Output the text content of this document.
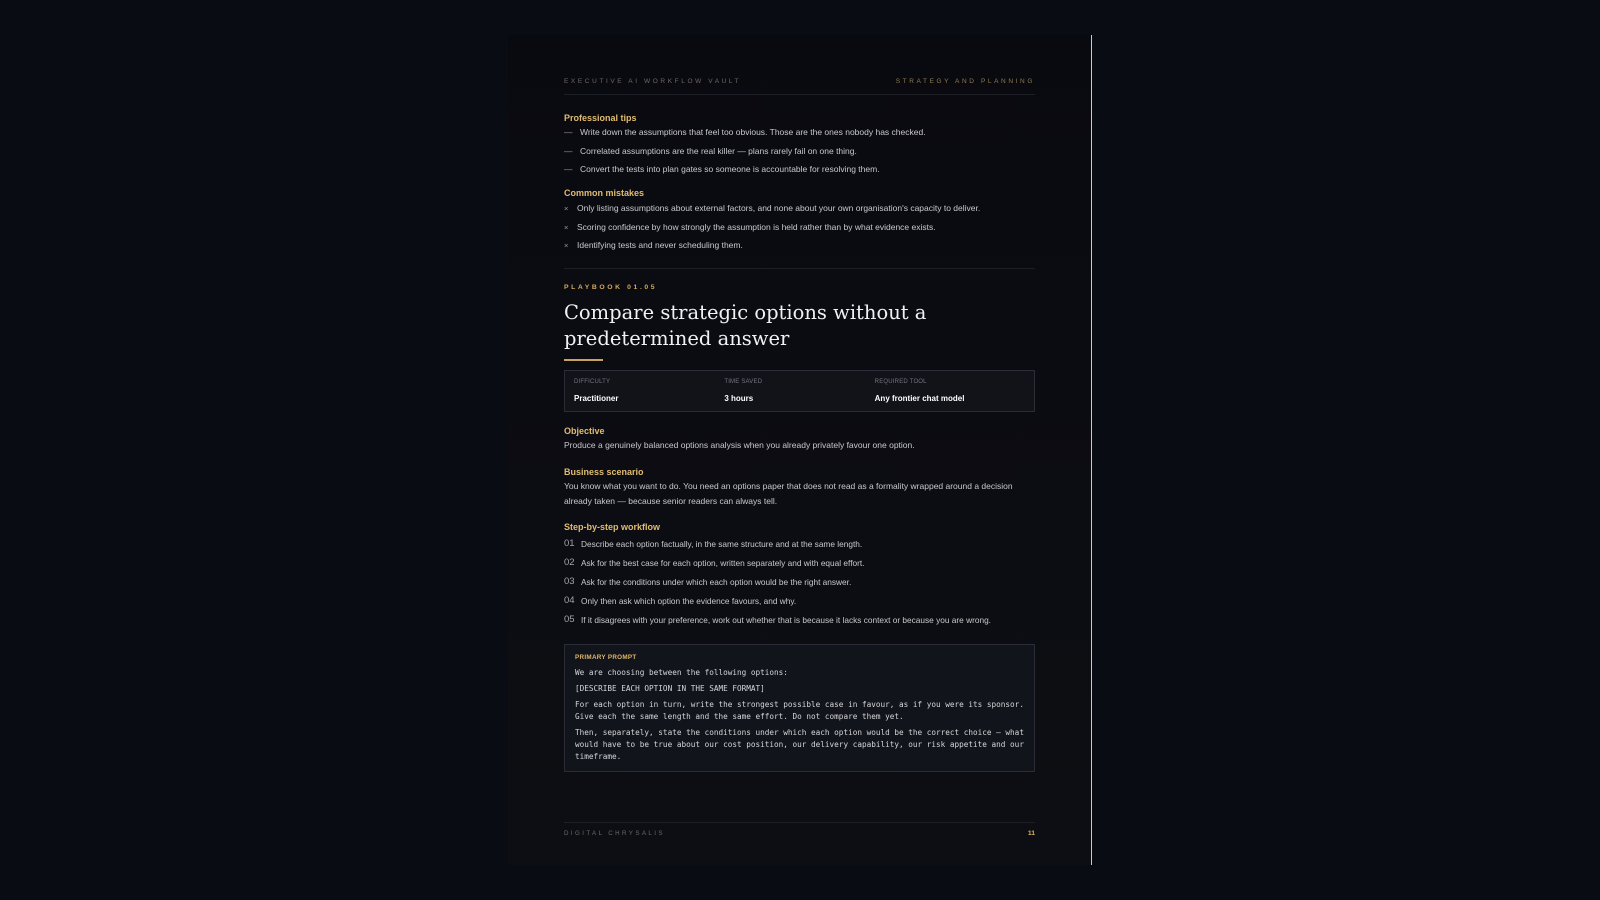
EXECUTIVE AI WORKFLOW VAULT	STRATEGY AND PLANNING
Professional tips
— Write down the assumptions that feel too obvious. Those are the ones nobody has checked.
— Correlated assumptions are the real killer — plans rarely fail on one thing.
— Convert the tests into plan gates so someone is accountable for resolving them.
Common mistakes
×	Only listing assumptions about external factors, and none about your own organisation's capacity to deliver.
×	Scoring confidence by how strongly the assumption is held rather than by what evidence exists.
×	Identifying tests and never scheduling them.
PLAYBOOK 01.05
Compare strategic options without a predetermined answer
DIFFICULTY
Practitioner
TIME SAVED
3 hours
REQUIRED TOOL
Any frontier chat model
Objective

Produce a genuinely balanced options analysis when you already privately favour one option.

Business scenario

You know what you want to do. You need an options paper that does not read as a formality wrapped around a decision already taken — because senior readers can always tell.

Step-by-step workflow
01 Describe each option factually, in the same structure and at the same length.
02 Ask for the best case for each option, written separately and with equal effort.
03 Ask for the conditions under which each option would be the right answer.
04 Only then ask which option the evidence favours, and why.
05 If it disagrees with your preference, work out whether that is because it lacks context or because you are wrong.
PRIMARY PROMPT

We are choosing between the following options:

[DESCRIBE EACH OPTION IN THE SAME FORMAT]

For each option in turn, write the strongest possible case in favour, as if you were its sponsor. Give each the same length and the same effort. Do not compare them yet.

Then, separately, state the conditions under which each option would be the correct choice — what would have to be true about our cost position, our delivery capability, our risk appetite and our timeframe.

DIGITAL CHRYSALIS	11
